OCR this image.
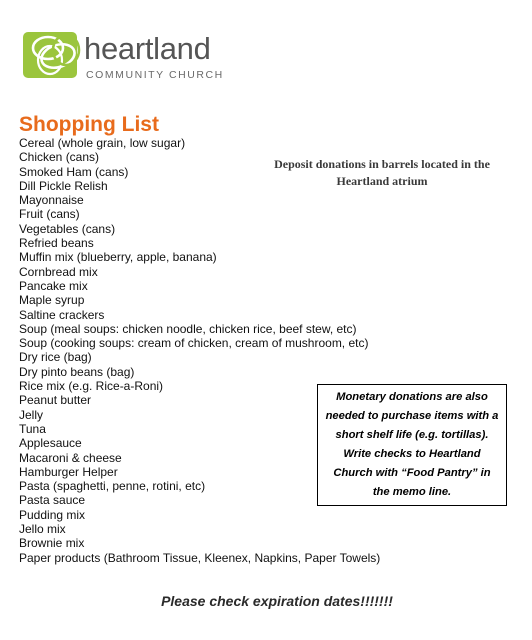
heartland
COMMUNITY CHURCH
Shopping List
Cereal (whole grain, low sugar)
Chicken (cans)
Smoked Ham (cans)
Dill Pickle Relish
Mayonnaise
Fruit (cans)
Vegetables (cans)
Refried beans
Muffin mix (blueberry, apple, banana)
Cornbread mix
Pancake mix
Maple syrup
Saltine crackers
Soup (meal soups: chicken noodle, chicken rice, beef stew, etc)
Soup (cooking soups: cream of chicken, cream of mushroom, etc)
Dry rice (bag)
Dry pinto beans (bag)
Rice mix (e.g. Rice-a-Roni)
Peanut butter
Jelly
Tuna
Applesauce
Macaroni & cheese
Hamburger Helper
Pasta (spaghetti, penne, rotini, etc)
Pasta sauce
Pudding mix
Jello mix
Brownie mix
Paper products (Bathroom Tissue, Kleenex, Napkins, Paper Towels)
Deposit donations in barrels located in the Heartland atrium
Monetary donations are also needed to purchase items with a short shelf life (e.g. tortillas). Write checks to Heartland Church with “Food Pantry” in the memo line.
Please check expiration dates!!!!!!!
